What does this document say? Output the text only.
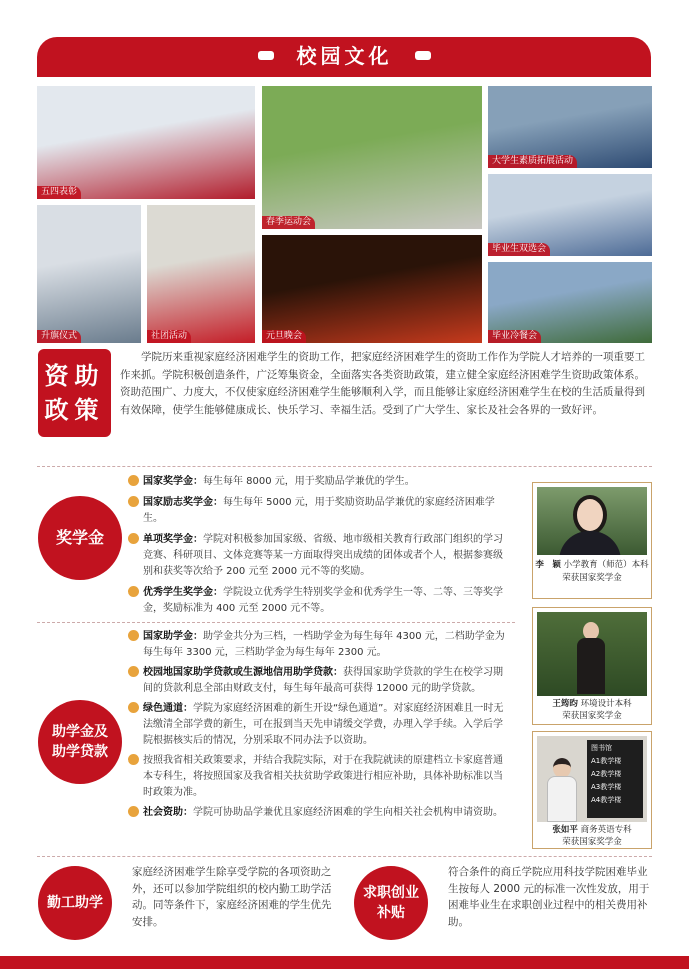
校园文化
五四表彰
春季运动会
大学生素质拓展活动
毕业生双选会
升旗仪式	社团活动	元旦晚会	毕业冷餐会
资助
政策
学院历来重视家庭经济困难学生的资助工作，把家庭经济困难学生的资助工作作为学院人才培养的一项重要工作来抓。学院积极创造条件，广泛筹集资金，全面落实各类资助政策，建立健全家庭经济困难学生资助政策体系。资助范围广、力度大，不仅使家庭经济困难学生能够顺利入学，而且能够让家庭经济困难学生在校的生活质量得到有效保障，使学生能够健康成长、快乐学习、幸福生活。受到了广大学生、家长及社会各界的一致好评。
奖学金
1 国家奖学金：每生每年 8000 元，用于奖励品学兼优的学生。
2 国家励志奖学金：每生每年 5000 元，用于奖励资助品学兼优的家庭经济困难学生。
3 单项奖学金：学院对积极参加国家级、省级、地市级相关教育行政部门组织的学习竞赛、科研项目、文体竞赛等某一方面取得突出成绩的团体或者个人，根据参赛级别和获奖等次给予 200 元至 2000 元不等的奖励。
4 优秀学生奖学金：学院设立优秀学生特别奖学金和优秀学生一等、二等、三等奖学金，奖励标准为 400 元至 2000 元不等。
助学金及
助学贷款
1 国家助学金：助学金共分为三档，一档助学金为每生每年 4300 元，二档助学金为每生每年 3300 元，三档助学金为每生每年 2300 元。
2 校园地国家助学贷款或生源地信用助学贷款：获得国家助学贷款的学生在校学习期间的贷款利息全部由财政支付，每生每年最高可获得 12000 元的助学贷款。
3 绿色通道：学院为家庭经济困难的新生开设“绿色通道”。对家庭经济困难且一时无法缴清全部学费的新生，可在报到当天先申请缓交学费，办理入学手续。入学后学院根据核实后的情况，分别采取不同办法予以资助。
4 按照我省相关政策要求，并结合我院实际，对于在我院就读的原建档立卡家庭普通本专科生，将按照国家及我省相关扶贫助学政策进行相应补助，具体补助标准以当时政策为准。
5 社会资助：学院可协助品学兼优且家庭经济困难的学生向相关社会机构申请资助。
李　颖 小学教育（师范）本科
荣获国家奖学金
王筠昀 环境设计本科
荣获国家奖学金
图书馆
A1教学楼
A2教学楼
A3教学楼
A4教学楼
张如平 商务英语专科
荣获国家奖学金
勤工助学
家庭经济困难学生除享受学院的各项资助之外，还可以参加学院组织的校内勤工助学活动。同等条件下，家庭经济困难的学生优先安排。
求职创业
补贴
符合条件的商丘学院应用科技学院困难毕业生按每人 2000 元的标准一次性发放，用于困难毕业生在求职创业过程中的相关费用补助。
